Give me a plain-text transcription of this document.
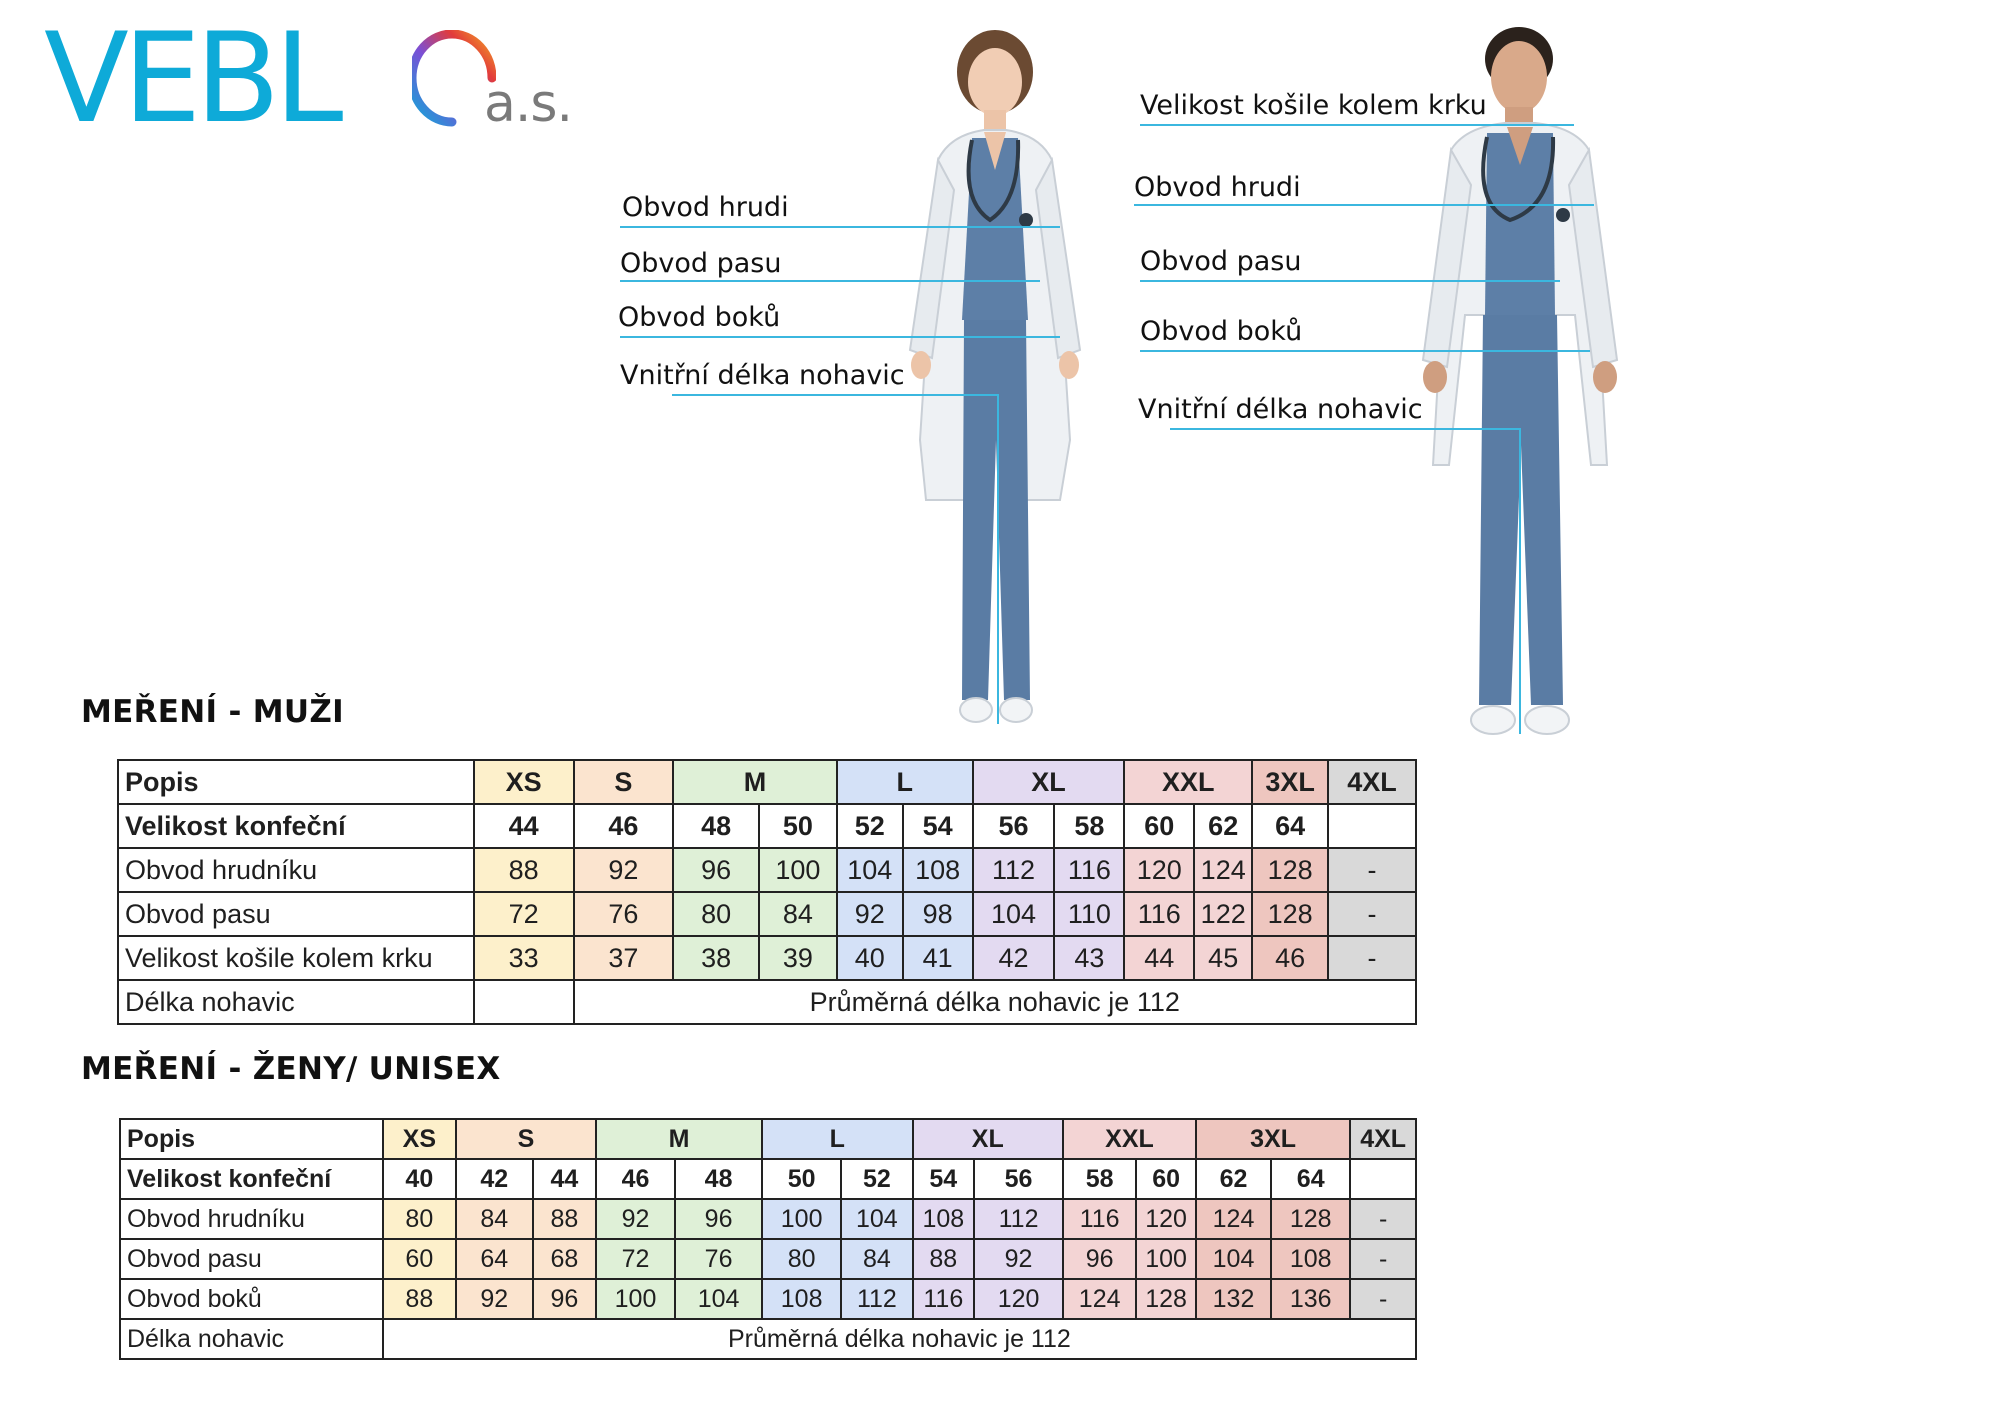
VEBL	a.s.
Obvod hrudi
Obvod pasu
Obvod boků
Vnitřní délka nohavic
Velikost košile kolem krku
Obvod hrudi
Obvod pasu
Obvod boků
Vnitřní délka nohavic
MEŘENÍ - MUŽI
Popis	XS	S	M		L		XL		XXL		3XL	4XL
Velikost konfeční	44	46	48	50	52	54	56	58	60	62	64	
Obvod hrudníku	88	92	96	100	104	108	112	116	120	124	128	-
Obvod pasu	72	76	80	84	92	98	104	110	116	122	128	-
Velikost košile kolem krku	33	37	38	39	40	41	42	43	44	45	46	-
Délka nohavic		Průměrná délka nohavic je 112										
MEŘENÍ - ŽENY/ UNISEX
Popis	XS	S		M		L		XL		XXL		3XL		4XL
Velikost konfeční	40	42	44	46	48	50	52	54	56	58	60	62	64	
Obvod hrudníku	80	84	88	92	96	100	104	108	112	116	120	124	128	-
Obvod pasu	60	64	68	72	76	80	84	88	92	96	100	104	108	-
Obvod boků	88	92	96	100	104	108	112	116	120	124	128	132	136	-
Délka nohavic	Průměrná délka nohavic je 112													
